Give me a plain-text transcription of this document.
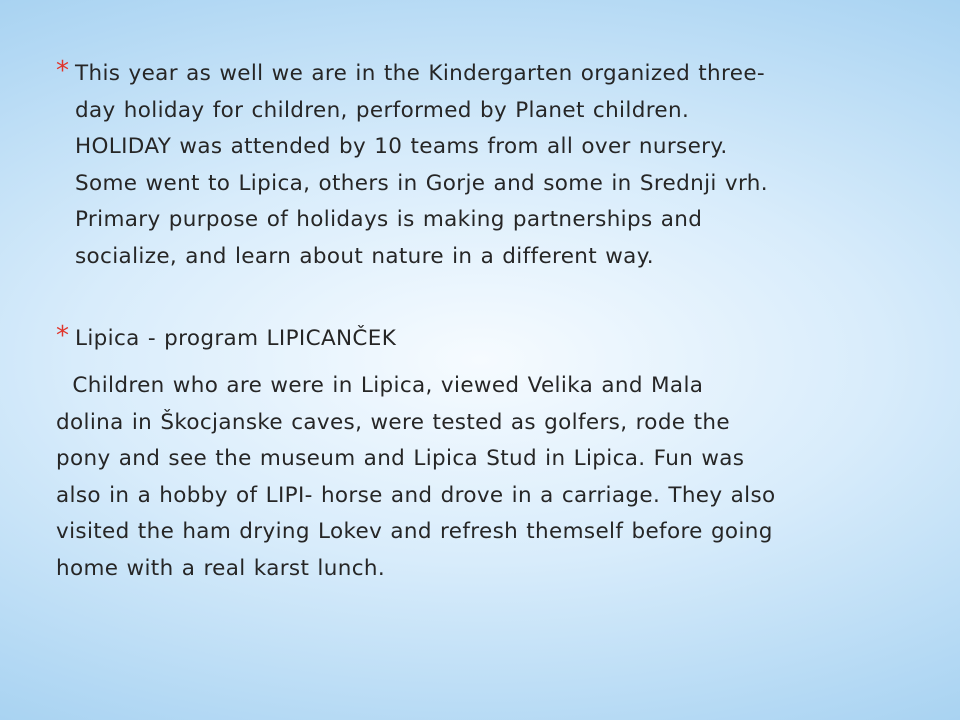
* This year as well we are in the Kindergarten organized three-
day holiday for children, performed by Planet children.
HOLIDAY was attended by 10 teams from all over nursery.
Some went to Lipica, others in Gorje and some in Srednji vrh.
Primary purpose of holidays is making partnerships and
socialize, and learn about nature in a different way.

* Lipica - program LIPICANČEK

Children who are were in Lipica, viewed Velika and Mala
dolina in Škocjanske caves, were tested as golfers, rode the
pony and see the museum and Lipica Stud in Lipica. Fun was
also in a hobby of LIPI- horse and drove in a carriage. They also
visited the ham drying Lokev and refresh themself before going
home with a real karst lunch.
